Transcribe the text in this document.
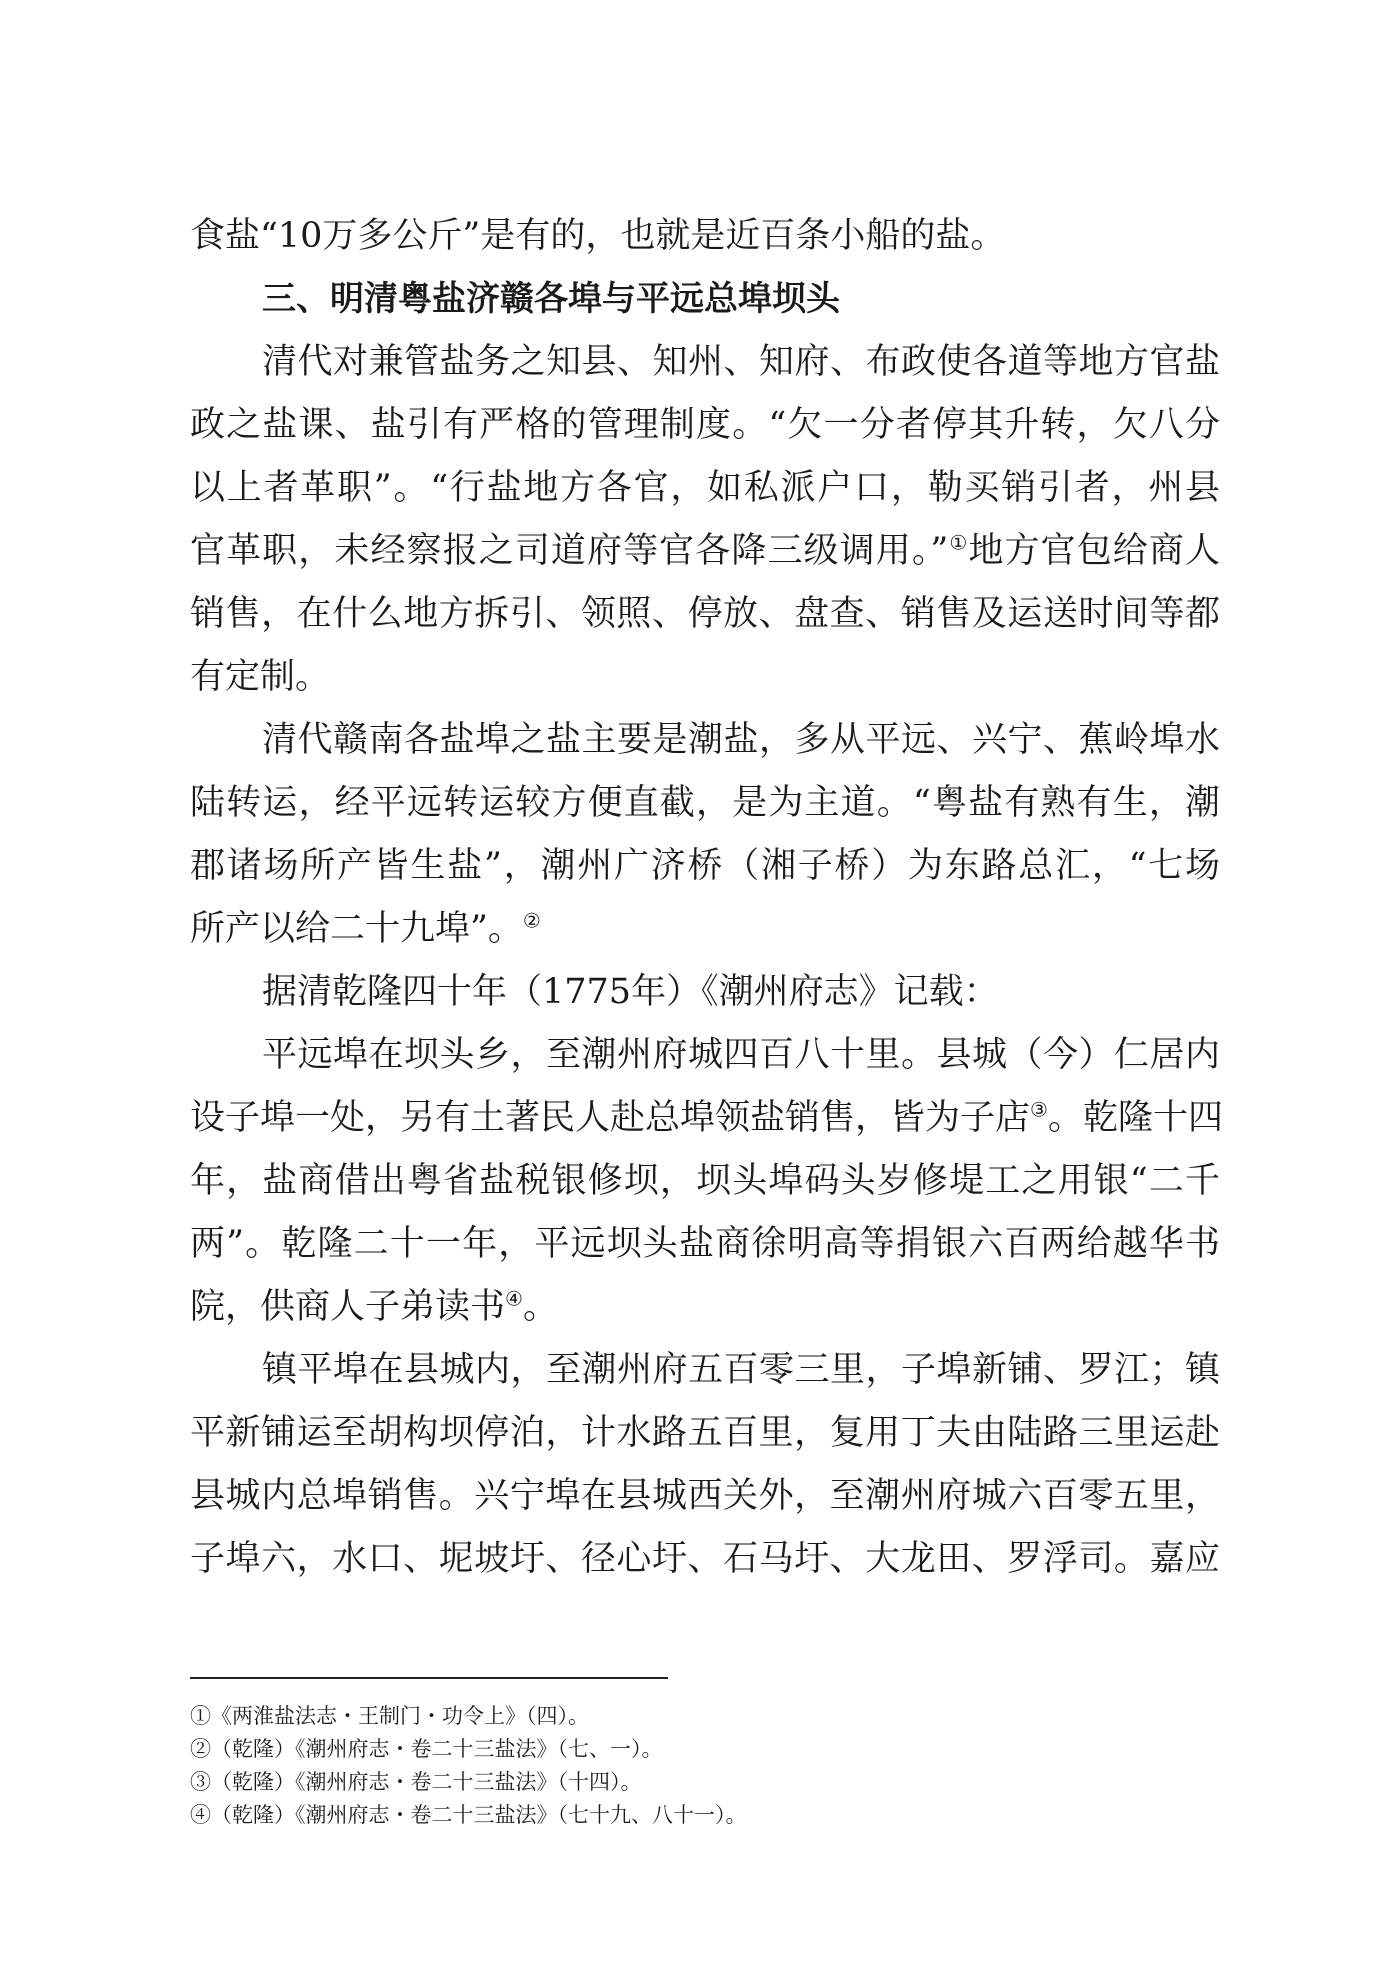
食盐“10万多公斤”是有的，也就是近百条小船的盐。
三、明清粤盐济赣各埠与平远总埠坝头
清代对兼管盐务之知县、知州、知府、布政使各道等地方官盐
政之盐课、盐引有严格的管理制度。“欠一分者停其升转，欠八分
以上者革职”。“行盐地方各官，如私派户口，勒买销引者，州县
官革职，未经察报之司道府等官各降三级调用。”①地方官包给商人
销售，在什么地方拆引、领照、停放、盘查、销售及运送时间等都
有定制。
清代赣南各盐埠之盐主要是潮盐，多从平远、兴宁、蕉岭埠水
陆转运，经平远转运较方便直截，是为主道。“粤盐有熟有生，潮
郡诸场所产皆生盐”，潮州广济桥（湘子桥）为东路总汇，“七场
所产以给二十九埠”。②
据清乾隆四十年（1775年）《潮州府志》记载：
平远埠在坝头乡，至潮州府城四百八十里。县城（今）仁居内
设子埠一处，另有土著民人赴总埠领盐销售，皆为子店③。乾隆十四
年，盐商借出粤省盐税银修坝，坝头埠码头岁修堤工之用银“二千
两”。乾隆二十一年，平远坝头盐商徐明高等捐银六百两给越华书
院，供商人子弟读书④。
镇平埠在县城内，至潮州府五百零三里，子埠新铺、罗江；镇
平新铺运至胡构坝停泊，计水路五百里，复用丁夫由陆路三里运赴
县城内总埠销售。兴宁埠在县城西关外，至潮州府城六百零五里，
子埠六，水口、坭坡圩、径心圩、石马圩、大龙田、罗浮司。嘉应
①《两淮盐法志・王制门・功令上》（四）。
②（乾隆）《潮州府志・卷二十三盐法》（七、一）。
③（乾隆）《潮州府志・卷二十三盐法》（十四）。
④（乾隆）《潮州府志・卷二十三盐法》（七十九、八十一）。
